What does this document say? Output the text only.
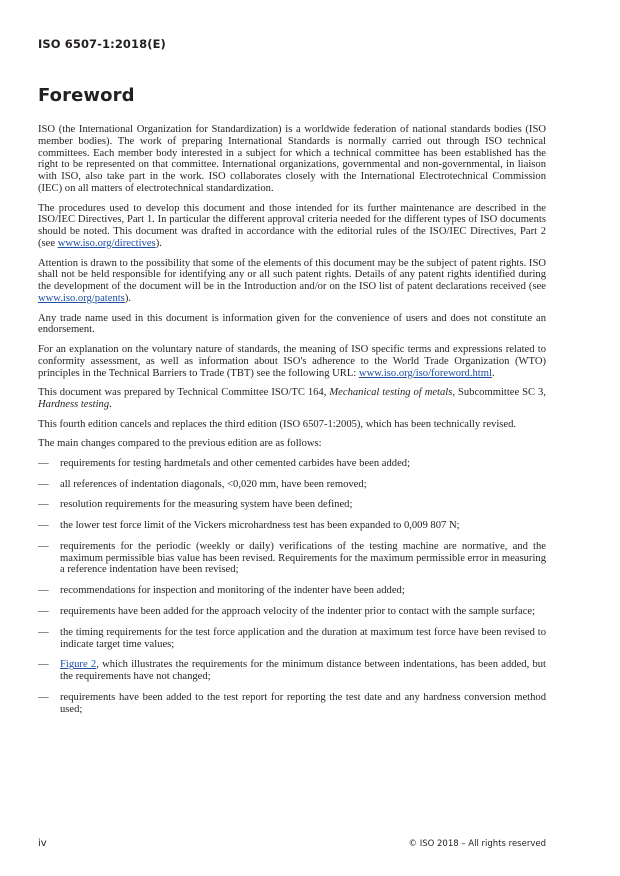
ISO 6507-1:2018(E)
Foreword

ISO (the International Organization for Standardization) is a worldwide federation of national standards bodies (ISO member bodies). The work of preparing International Standards is normally carried out through ISO technical committees. Each member body interested in a subject for which a technical committee has been established has the right to be represented on that committee. International organizations, governmental and non-governmental, in liaison with ISO, also take part in the work. ISO collaborates closely with the International Electrotechnical Commission (IEC) on all matters of electrotechnical standardization.

The procedures used to develop this document and those intended for its further maintenance are described in the ISO/IEC Directives, Part 1. In particular the different approval criteria needed for the different types of ISO documents should be noted. This document was drafted in accordance with the editorial rules of the ISO/IEC Directives, Part 2 (see www.iso.org/directives).

Attention is drawn to the possibility that some of the elements of this document may be the subject of patent rights. ISO shall not be held responsible for identifying any or all such patent rights. Details of any patent rights identified during the development of the document will be in the Introduction and/or on the ISO list of patent declarations received (see www.iso.org/patents).

Any trade name used in this document is information given for the convenience of users and does not constitute an endorsement.

For an explanation on the voluntary nature of standards, the meaning of ISO specific terms and expressions related to conformity assessment, as well as information about ISO's adherence to the World Trade Organization (WTO) principles in the Technical Barriers to Trade (TBT) see the following URL: www.iso.org/iso/foreword.html.

This document was prepared by Technical Committee ISO/TC 164, Mechanical testing of metals, Subcommittee SC 3, Hardness testing.

This fourth edition cancels and replaces the third edition (ISO 6507-1:2005), which has been technically revised.

The main changes compared to the previous edition are as follows:

— requirements for testing hardmetals and other cemented carbides have been added;
— all references of indentation diagonals, <0,020 mm, have been removed;
— resolution requirements for the measuring system have been defined;
— the lower test force limit of the Vickers microhardness test has been expanded to 0,009 807 N;
— requirements for the periodic (weekly or daily) verifications of the testing machine are normative, and the maximum permissible bias value has been revised. Requirements for the maximum permissible error in measuring a reference indentation have been revised;
— recommendations for inspection and monitoring of the indenter have been added;
— requirements have been added for the approach velocity of the indenter prior to contact with the sample surface;
— the timing requirements for the test force application and the duration at maximum test force have been revised to indicate target time values;
— Figure 2, which illustrates the requirements for the minimum distance between indentations, has been added, but the requirements have not changed;
— requirements have been added to the test report for reporting the test date and any hardness conversion method used;
iv	© ISO 2018 – All rights reserved
